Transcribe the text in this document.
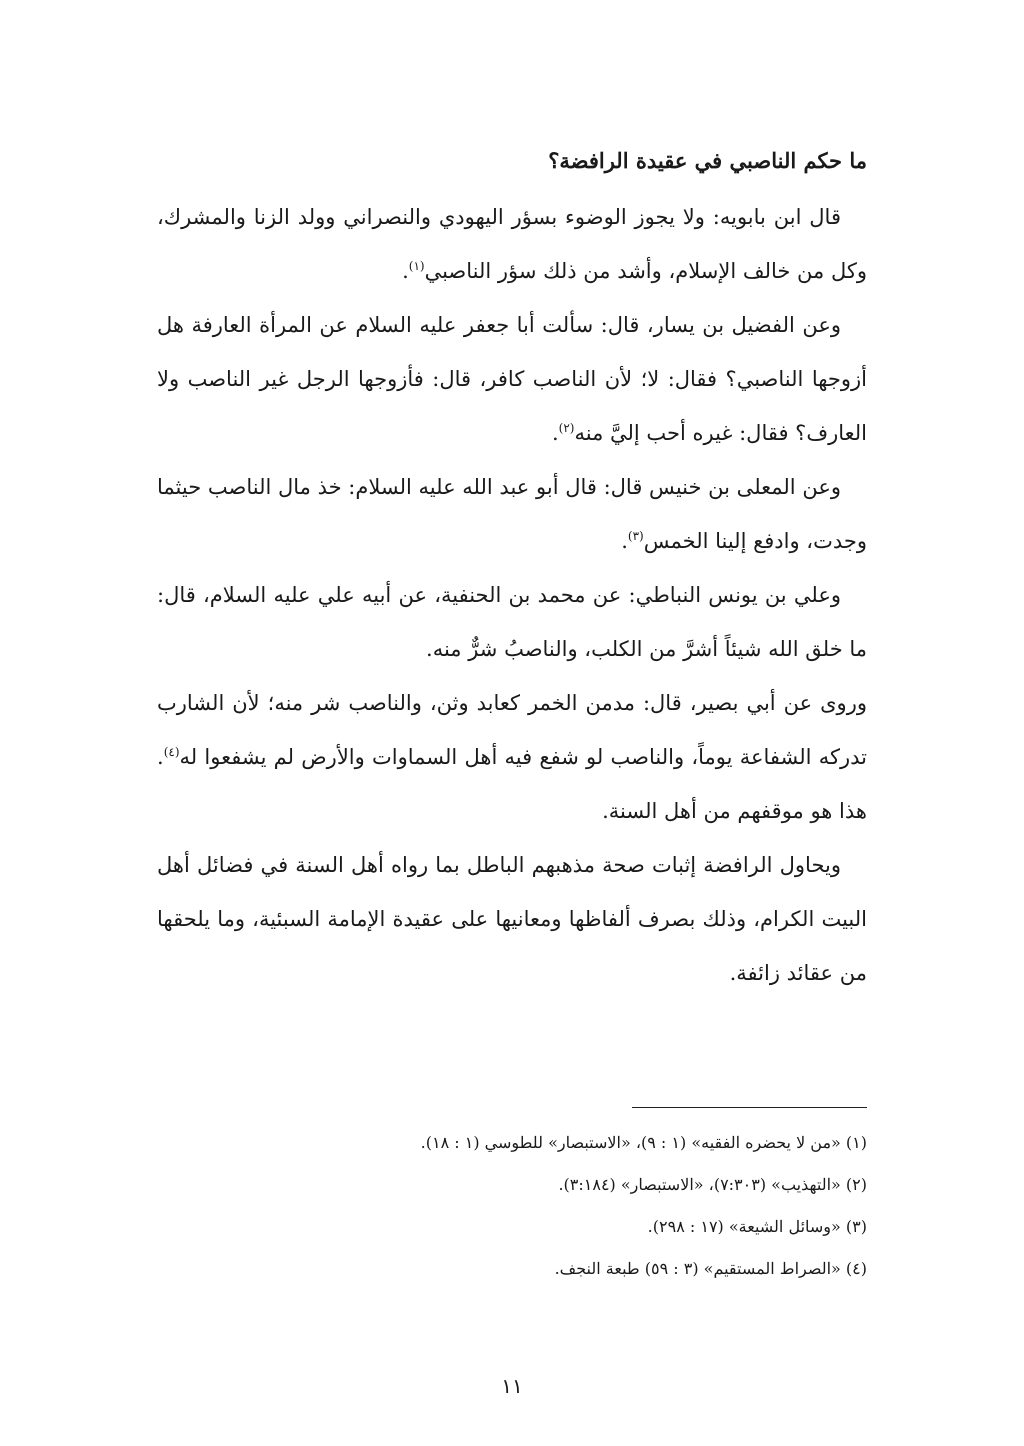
ما حكم الناصبي في عقيدة الرافضة؟

قال ابن بابويه: ولا يجوز الوضوء بسؤر اليهودي والنصراني وولد الزنا والمشرك، وكل من خالف الإسلام، وأشد من ذلك سؤر الناصبي$^{(١)}$.

وعن الفضيل بن يسار، قال: سألت أبا جعفر عليه السلام عن المرأة العارفة هل أزوجها الناصبي؟ فقال: لا؛ لأن الناصب كافر، قال: فأزوجها الرجل غير الناصب ولا العارف؟ فقال: غيره أحب إليَّ منه$^{(٢)}$.

وعن المعلى بن خنيس قال: قال أبو عبد الله عليه السلام: خذ مال الناصب حيثما وجدت، وادفع إلينا الخمس$^{(٣)}$.

وعلي بن يونس النباطي: عن محمد بن الحنفية، عن أبيه علي عليه السلام، قال: ما خلق الله شيئاً أشرَّ من الكلب، والناصبُ شرٌّ منه.

وروى عن أبي بصير، قال: مدمن الخمر كعابد وثن، والناصب شر منه؛ لأن الشارب تدركه الشفاعة يوماً، والناصب لو شفع فيه أهل السماوات والأرض لم يشفعوا له$^{(٤)}$. هذا هو موقفهم من أهل السنة.

ويحاول الرافضة إثبات صحة مذهبهم الباطل بما رواه أهل السنة في فضائل أهل البيت الكرام، وذلك بصرف ألفاظها ومعانيها على عقيدة الإمامة السبئية، وما يلحقها من عقائد زائفة.

(١) «من لا يحضره الفقيه» (١ : ٩)، «الاستبصار» للطوسي (١ : ١٨).

(٢) «التهذيب» (٧:٣٠٣)، «الاستبصار» (٣:١٨٤).

(٣) «وسائل الشيعة» (١٧ : ٢٩٨).

(٤) «الصراط المستقيم» (٣ : ٥٩) طبعة النجف.

١١
